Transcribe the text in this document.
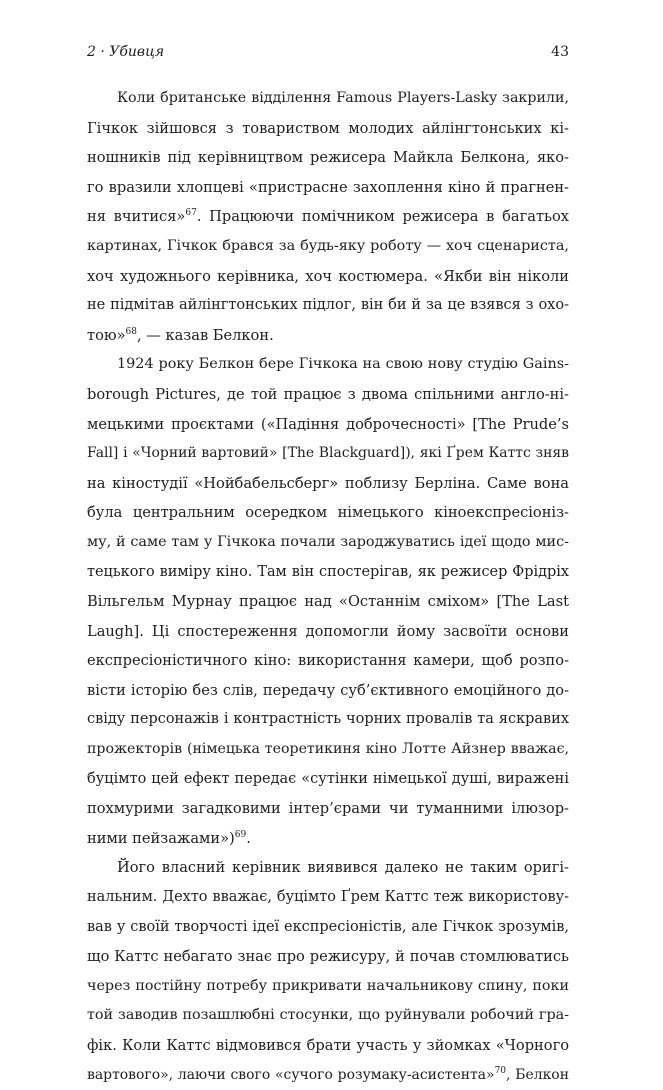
2 · Убивця	43
Коли британське відділення Famous Players-Lasky закрили,
Гічкок зійшовся з товариством молодих айлінгтонських кі-
ношників під керівництвом режисера Майкла Белкона, яко-
го вразили хлопцеві «пристрасне захоплення кіно й прагнен-
ня вчитися»$^{67}$. Працюючи помічником режисера в багатьох
картинах, Гічкок брався за будь-яку роботу — хоч сценариста,
хоч художнього керівника, хоч костюмера. «Якби він ніколи
не підмітав айлінгтонських підлог, він би й за це взявся з охо-
тою»$^{68}$, — казав Белкон.
1924 року Белкон бере Гічкока на свою нову студію Gains-
borough Pictures, де той працює з двома спільними англо-ні-
мецькими проєктами («Падіння доброчесності» [The Prude’s
Fall] і «Чорний вартовий» [The Blackguard]), які Ґрем Каттс зняв
на кіностудії «Нойбабельсберг» поблизу Берліна. Саме вона
була центральним осередком німецького кіноекспресіоніз-
му, й саме там у Гічкока почали зароджуватись ідеї щодо мис-
тецького виміру кіно. Там він спостерігав, як режисер Фрідріх
Вільгельм Мурнау працює над «Останнім сміхом» [The Last
Laugh]. Ці спостереження допомогли йому засвоїти основи
експресіоністичного кіно: використання камери, щоб розпо-
вісти історію без слів, передачу суб’єктивного емоційного до-
свіду персонажів і контрастність чорних провалів та яскравих
прожекторів (німецька теоретикиня кіно Лотте Айзнер вважає,
буцімто цей ефект передає «сутінки німецької душі, виражені
похмурими загадковими інтер’єрами чи туманними ілюзор-
ними пейзажами»)$^{69}$.
Його власний керівник виявився далеко не таким оригі-
нальним. Дехто вважає, буцімто Ґрем Каттс теж використову-
вав у своїй творчості ідеї експресіоністів, але Гічкок зрозумів,
що Каттс небагато знає про режисуру, й почав стомлюватись
через постійну потребу прикривати начальникову спину, поки
той заводив позашлюбні стосунки, що руйнували робочий гра-
фік. Коли Каттс відмовився брати участь у зйомках «Чорного
вартового», лаючи свого «сучого розумаку-асистента»$^{70}$, Белкон
